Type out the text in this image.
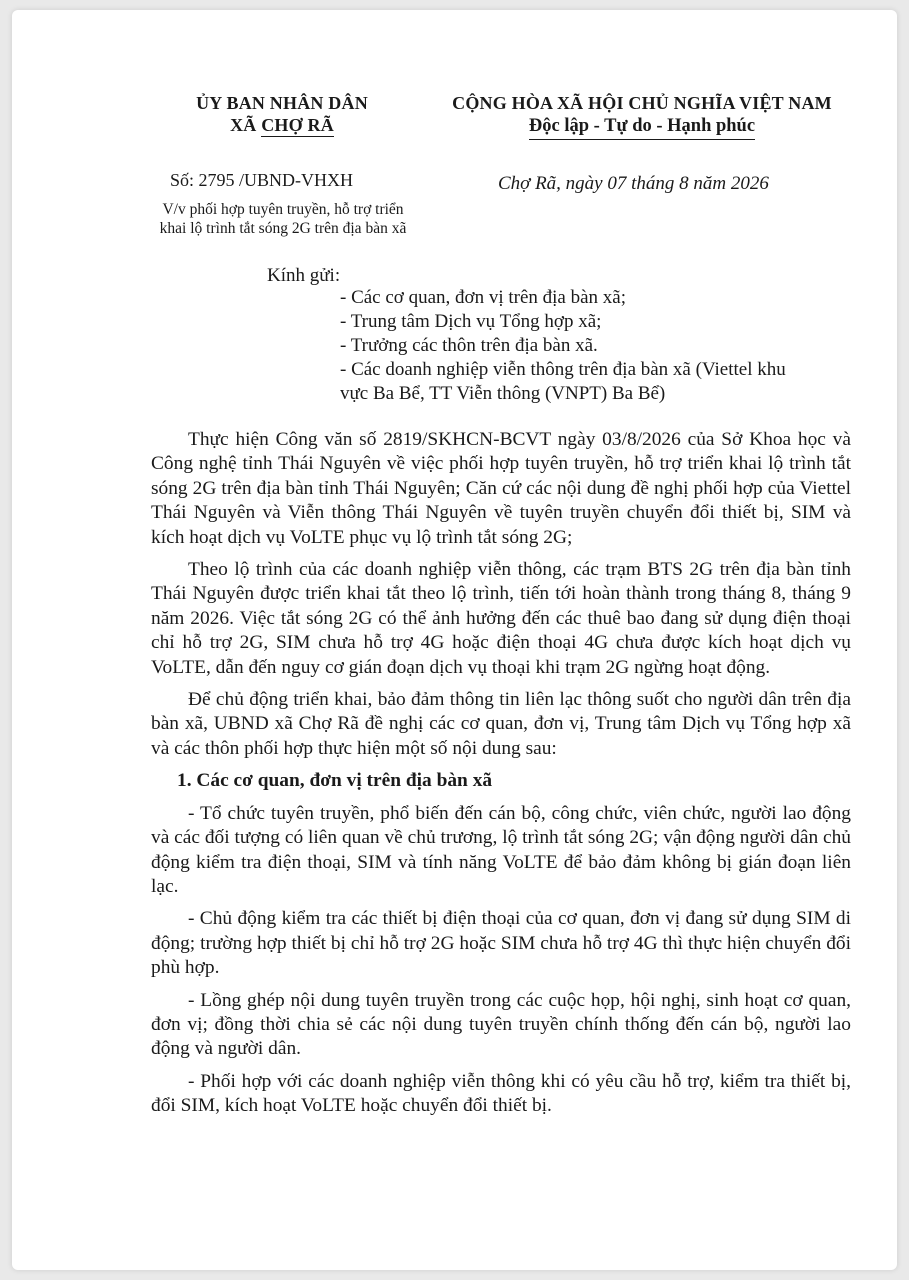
ỦY BAN NHÂN DÂN
XÃ CHỢ RÃ
CỘNG HÒA XÃ HỘI CHỦ NGHĨA VIỆT NAM
Độc lập - Tự do - Hạnh phúc
Số: 2795 /UBND-VHXH	Chợ Rã, ngày 07 tháng 8 năm 2026
V/v phối hợp tuyên truyền, hỗ trợ triển
khai lộ trình tắt sóng 2G trên địa bàn xã
Kính gửi:
- Các cơ quan, đơn vị trên địa bàn xã;
- Trung tâm Dịch vụ Tổng hợp xã;
- Trưởng các thôn trên địa bàn xã.
- Các doanh nghiệp viễn thông trên địa bàn xã (Viettel khu
vực Ba Bể, TT Viễn thông (VNPT) Ba Bể)

Thực hiện Công văn số 2819/SKHCN-BCVT ngày 03/8/2026 của Sở Khoa học và Công nghệ tỉnh Thái Nguyên về việc phối hợp tuyên truyền, hỗ trợ triển khai lộ trình tắt sóng 2G trên địa bàn tỉnh Thái Nguyên; Căn cứ các nội dung đề nghị phối hợp của Viettel Thái Nguyên và Viễn thông Thái Nguyên về tuyên truyền chuyển đổi thiết bị, SIM và kích hoạt dịch vụ VoLTE phục vụ lộ trình tắt sóng 2G;

Theo lộ trình của các doanh nghiệp viễn thông, các trạm BTS 2G trên địa bàn tỉnh Thái Nguyên được triển khai tắt theo lộ trình, tiến tới hoàn thành trong tháng 8, tháng 9 năm 2026. Việc tắt sóng 2G có thể ảnh hưởng đến các thuê bao đang sử dụng điện thoại chỉ hỗ trợ 2G, SIM chưa hỗ trợ 4G hoặc điện thoại 4G chưa được kích hoạt dịch vụ VoLTE, dẫn đến nguy cơ gián đoạn dịch vụ thoại khi trạm 2G ngừng hoạt động.

Để chủ động triển khai, bảo đảm thông tin liên lạc thông suốt cho người dân trên địa bàn xã, UBND xã Chợ Rã đề nghị các cơ quan, đơn vị, Trung tâm Dịch vụ Tổng hợp xã và các thôn phối hợp thực hiện một số nội dung sau:

1. Các cơ quan, đơn vị trên địa bàn xã

- Tổ chức tuyên truyền, phổ biến đến cán bộ, công chức, viên chức, người lao động và các đối tượng có liên quan về chủ trương, lộ trình tắt sóng 2G; vận động người dân chủ động kiểm tra điện thoại, SIM và tính năng VoLTE để bảo đảm không bị gián đoạn liên lạc.

- Chủ động kiểm tra các thiết bị điện thoại của cơ quan, đơn vị đang sử dụng SIM di động; trường hợp thiết bị chỉ hỗ trợ 2G hoặc SIM chưa hỗ trợ 4G thì thực hiện chuyển đổi phù hợp.

- Lồng ghép nội dung tuyên truyền trong các cuộc họp, hội nghị, sinh hoạt cơ quan, đơn vị; đồng thời chia sẻ các nội dung tuyên truyền chính thống đến cán bộ, người lao động và người dân.

- Phối hợp với các doanh nghiệp viễn thông khi có yêu cầu hỗ trợ, kiểm tra thiết bị, đổi SIM, kích hoạt VoLTE hoặc chuyển đổi thiết bị.
